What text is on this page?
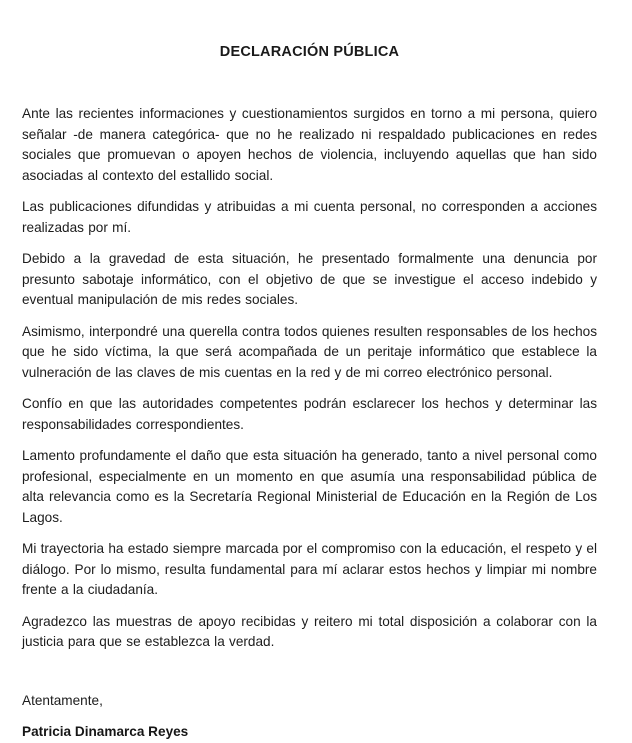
DECLARACIÓN PÚBLICA

Ante las recientes informaciones y cuestionamientos surgidos en torno a mi persona, quiero señalar -de manera categórica- que no he realizado ni respaldado publicaciones en redes sociales que promuevan o apoyen hechos de violencia, incluyendo aquellas que han sido asociadas al contexto del estallido social.

Las publicaciones difundidas y atribuidas a mi cuenta personal, no corresponden a acciones realizadas por mí.

Debido a la gravedad de esta situación, he presentado formalmente una denuncia por presunto sabotaje informático, con el objetivo de que se investigue el acceso indebido y eventual manipulación de mis redes sociales.

Asimismo, interpondré una querella contra todos quienes resulten responsables de los hechos que he sido víctima, la que será acompañada de un peritaje informático que establece la vulneración de las claves de mis cuentas en la red y de mi correo electrónico personal.

Confío en que las autoridades competentes podrán esclarecer los hechos y determinar las responsabilidades correspondientes.

Lamento profundamente el daño que esta situación ha generado, tanto a nivel personal como profesional, especialmente en un momento en que asumía una responsabilidad pública de alta relevancia como es la Secretaría Regional Ministerial de Educación en la Región de Los Lagos.

Mi trayectoria ha estado siempre marcada por el compromiso con la educación, el respeto y el diálogo. Por lo mismo, resulta fundamental para mí aclarar estos hechos y limpiar mi nombre frente a la ciudadanía.

Agradezco las muestras de apoyo recibidas y reitero mi total disposición a colaborar con la justicia para que se establezca la verdad.

Atentamente,

Patricia Dinamarca Reyes
